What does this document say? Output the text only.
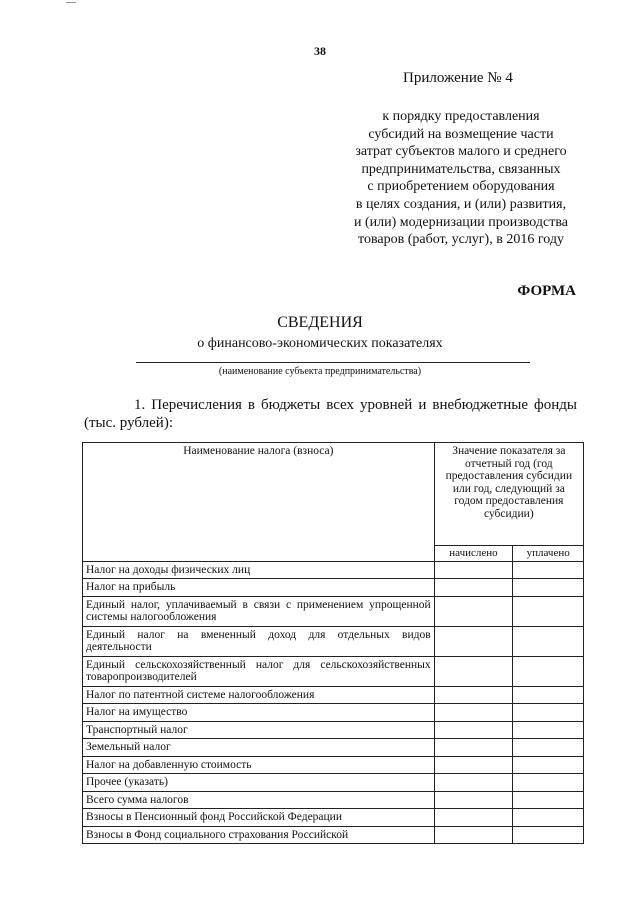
38
Приложение № 4
к порядку предоставления
субсидий на возмещение части
затрат субъектов малого и среднего
предпринимательства, связанных
с приобретением оборудования
в целях создания, и (или) развития,
и (или) модернизации производства
товаров (работ, услуг), в 2016 году
ФОРМА
СВЕДЕНИЯ
о финансово-экономических показателях
(наименование субъекта предпринимательства)
1. Перечисления в бюджеты всех уровней и внебюджетные фонды (тыс. рублей):
Наименование налога (взноса)	Значение показателя за отчетный год (год предоставления субсидии или год, следующий за годом предоставления субсидии)	
	начислено	уплачено
Налог на доходы физических лиц		
Налог на прибыль		
Единый налог, уплачиваемый в связи с применением упрощенной системы налогообложения		
Единый налог на вмененный доход для отдельных видов деятельности		
Единый сельскохозяйственный налог для сельскохозяйственных товаропроизводителей		
Налог по патентной системе налогообложения		
Налог на имущество		
Транспортный налог		
Земельный налог		
Налог на добавленную стоимость		
Прочее (указать)		
Всего сумма налогов		
Взносы в Пенсионный фонд Российской Федерации		
Взносы в Фонд социального страхования Российской		
